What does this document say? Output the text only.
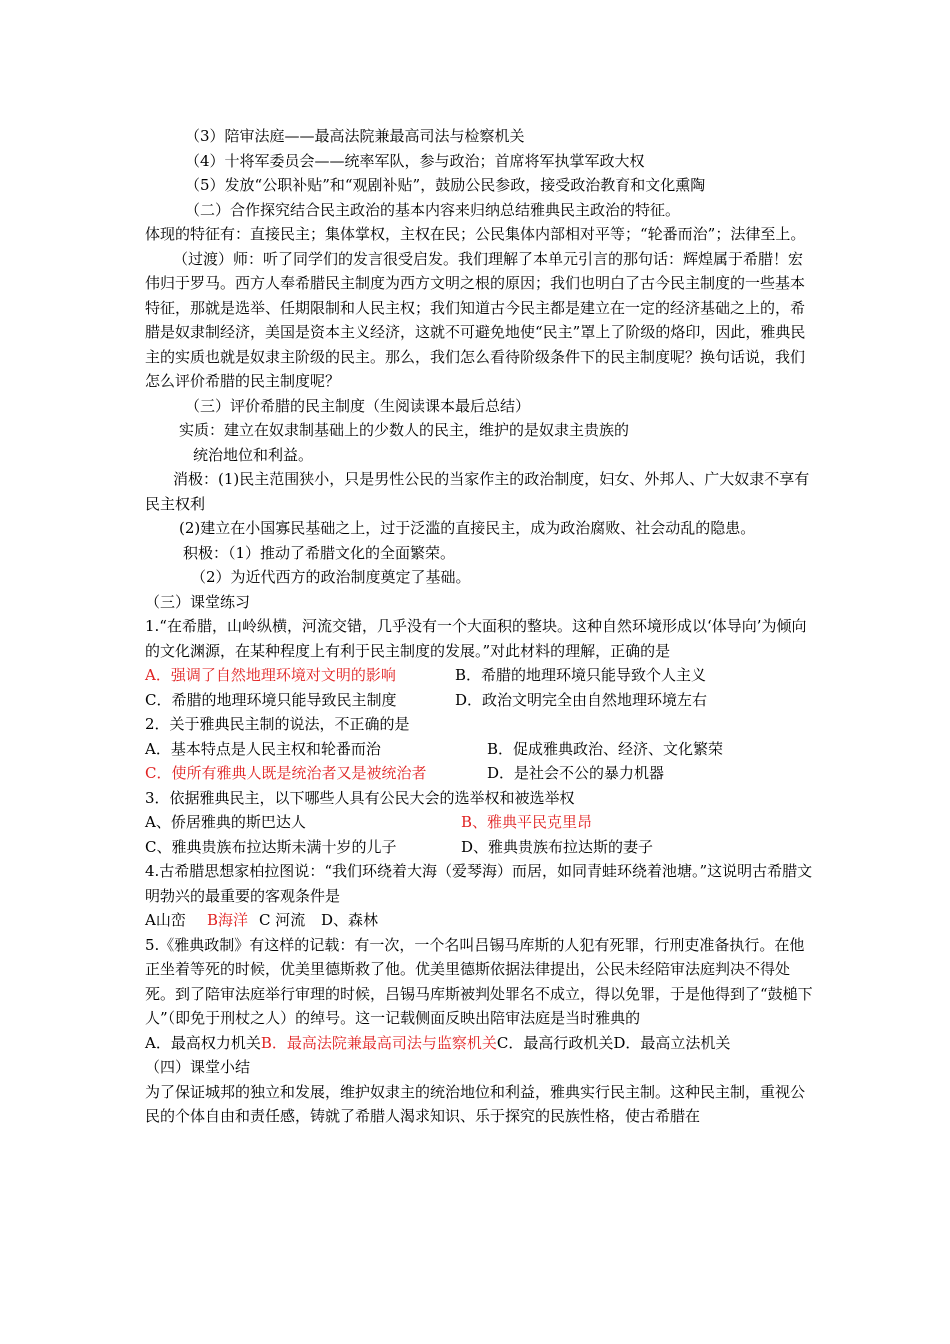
（3）陪审法庭——最高法院兼最高司法与检察机关
（4）十将军委员会——统率军队，参与政治；首席将军执掌军政大权
（5）发放“公职补贴”和“观剧补贴”，鼓励公民参政，接受政治教育和文化熏陶
（二）合作探究结合民主政治的基本内容来归纳总结雅典民主政治的特征。
体现的特征有：直接民主；集体掌权，主权在民；公民集体内部相对平等；“轮番而治”；法律至上。
（过渡）师：听了同学们的发言很受启发。我们理解了本单元引言的那句话：辉煌属于希腊！宏伟归于罗马。西方人奉希腊民主制度为西方文明之根的原因；我们也明白了古今民主制度的一些基本特征，那就是选举、任期限制和人民主权；我们知道古今民主都是建立在一定的经济基础之上的，希腊是奴隶制经济，美国是资本主义经济，这就不可避免地使“民主”罩上了阶级的烙印，因此，雅典民主的实质也就是奴隶主阶级的民主。那么，我们怎么看待阶级条件下的民主制度呢？换句话说，我们怎么评价希腊的民主制度呢？
（三）评价希腊的民主制度（生阅读课本最后总结）
实质：建立在奴隶制基础上的少数人的民主，维护的是奴隶主贵族的
统治地位和利益。
消极：(1)民主范围狭小，只是男性公民的当家作主的政治制度，妇女、外邦人、广大奴隶不享有民主权利
(2)建立在小国寡民基础之上，过于泛滥的直接民主，成为政治腐败、社会动乱的隐患。
积极：（1）推动了希腊文化的全面繁荣。
（2）为近代西方的政治制度奠定了基础。
（三）课堂练习
1.“在希腊，山岭纵横，河流交错，几乎没有一个大面积的整块。这种自然环境形成以‘体导向’为倾向的文化渊源，在某种程度上有利于民主制度的发展。”对此材料的理解，正确的是
A．强调了自然地理环境对文明的影响	B．希腊的地理环境只能导致个人主义
C．希腊的地理环境只能导致民主制度	D．政治文明完全由自然地理环境左右
2．关于雅典民主制的说法，不正确的是
A．基本特点是人民主权和轮番而治	B．促成雅典政治、经济、文化繁荣
C．使所有雅典人既是统治者又是被统治者	D．是社会不公的暴力机器
3．依据雅典民主，以下哪些人具有公民大会的选举权和被选举权
A、侨居雅典的斯巴达人	B、雅典平民克里昂
C、雅典贵族布拉达斯未满十岁的儿子	D、雅典贵族布拉达斯的妻子
4.古希腊思想家柏拉图说：“我们环绕着大海（爱琴海）而居，如同青蛙环绕着池塘。”这说明古希腊文明勃兴的最重要的客观条件是
A山峦 B海洋 C 河流 D、森林
5.《雅典政制》有这样的记载：有一次，一个名叫吕锡马库斯的人犯有死罪，行刑吏准备执行。在他正坐着等死的时候，优美里德斯救了他。优美里德斯依据法律提出，公民未经陪审法庭判决不得处死。到了陪审法庭举行审理的时候，吕锡马库斯被判处罪名不成立，得以免罪，于是他得到了“鼓槌下人”（即免于刑杖之人）的绰号。这一记载侧面反映出陪审法庭是当时雅典的
A．最高权力机关B．最高法院兼最高司法与监察机关C．最高行政机关D．最高立法机关
（四）课堂小结
为了保证城邦的独立和发展，维护奴隶主的统治地位和利益，雅典实行民主制。这种民主制，重视公民的个体自由和责任感，铸就了希腊人渴求知识、乐于探究的民族性格，使古希腊在
